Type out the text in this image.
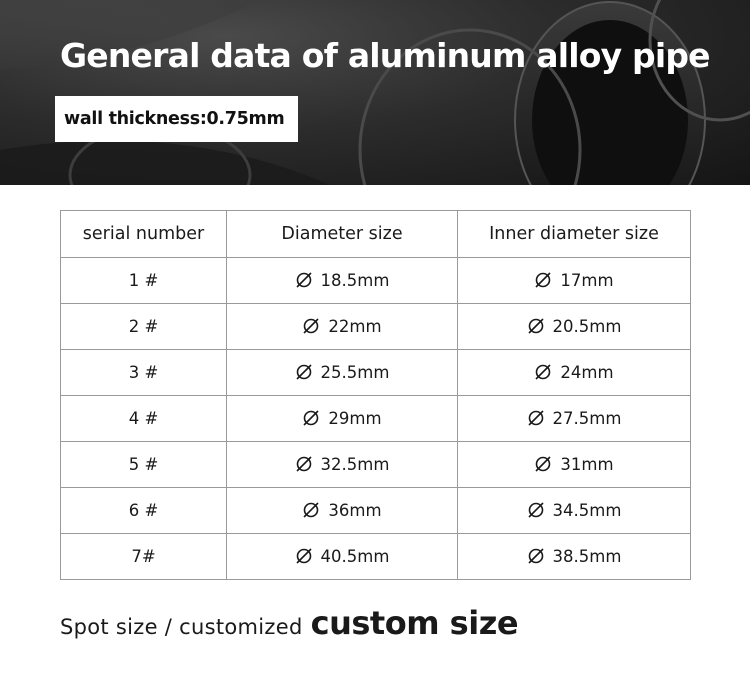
General data of aluminum alloy pipe
wall thickness:0.75mm
serial number	Diameter size	Inner diameter size
1 #	18.5mm	17mm
2 #	22mm	20.5mm
3 #	25.5mm	24mm
4 #	29mm	27.5mm
5 #	32.5mm	31mm
6 #	36mm	34.5mm
7#	40.5mm	38.5mm
Spot size / customized custom size
